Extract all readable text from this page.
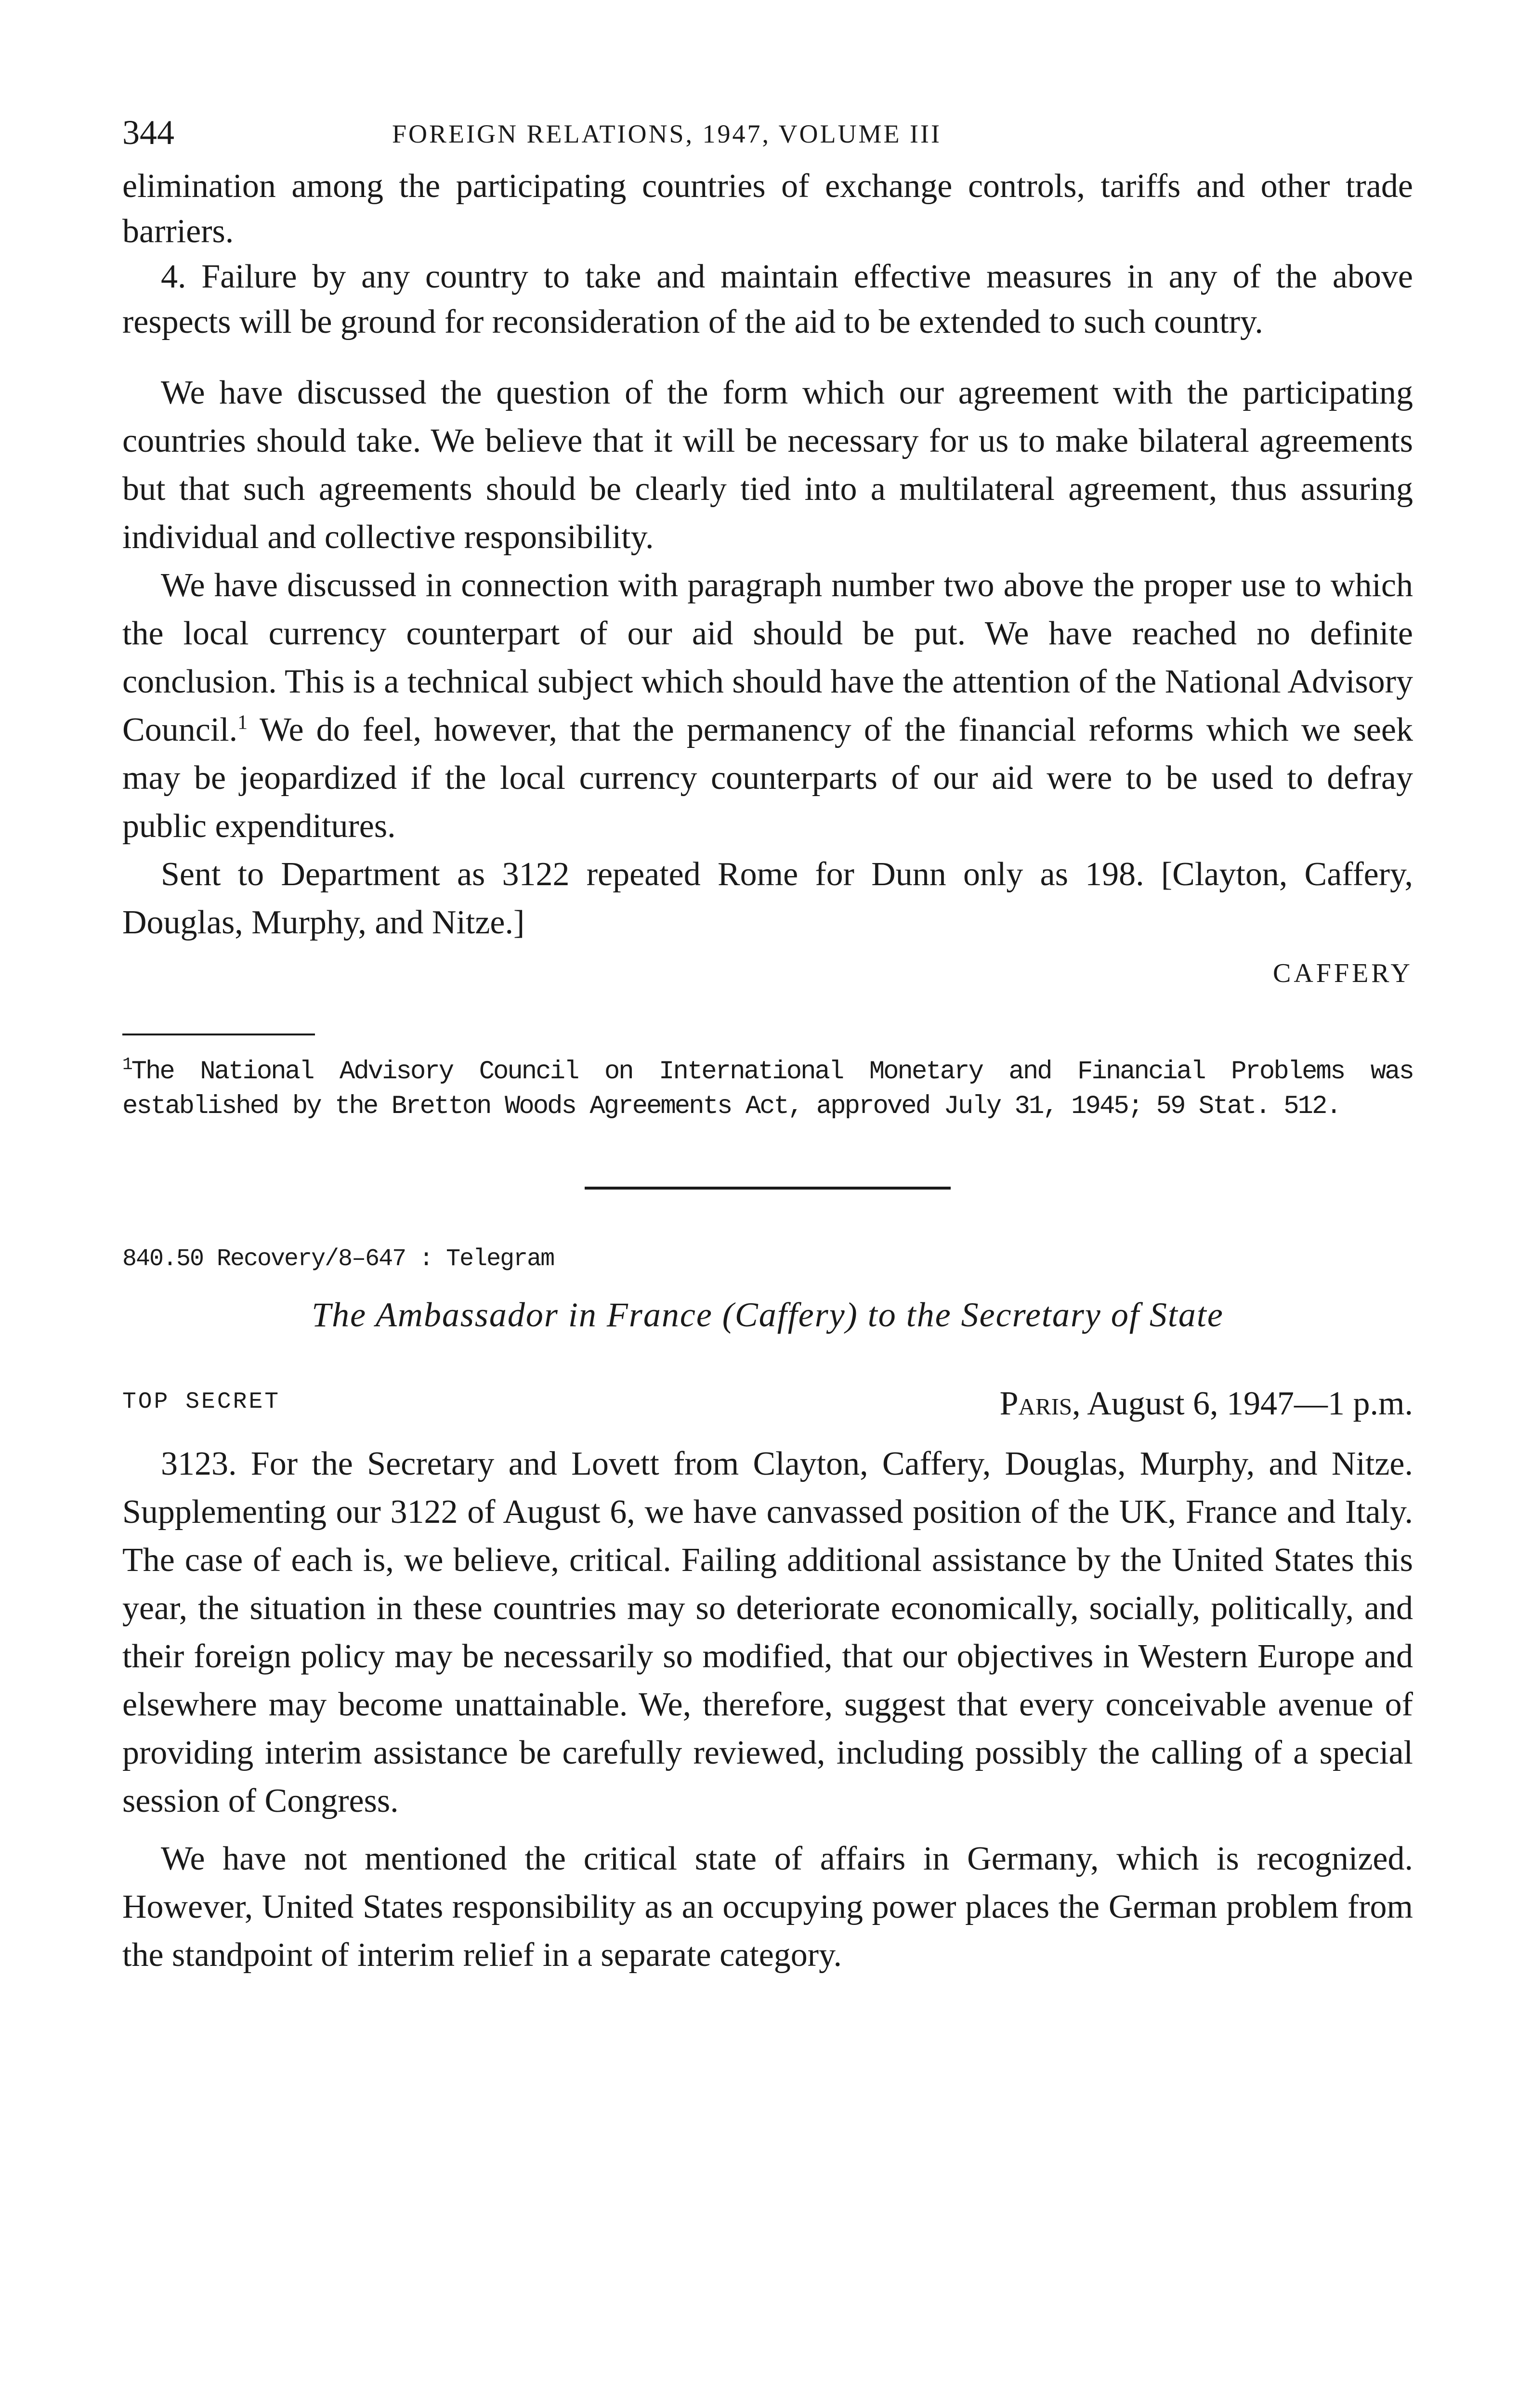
344	FOREIGN RELATIONS, 1947, VOLUME III

elimination among the participating countries of exchange controls, tariffs and other trade barriers.

4. Failure by any country to take and maintain effective measures in any of the above respects will be ground for reconsideration of the aid to be extended to such country.

We have discussed the question of the form which our agreement with the participating countries should take. We believe that it will be necessary for us to make bilateral agreements but that such agreements should be clearly tied into a multilateral agreement, thus assuring individual and collective responsibility.

We have discussed in connection with paragraph number two above the proper use to which the local currency counterpart of our aid should be put. We have reached no definite conclusion. This is a technical subject which should have the attention of the National Advisory Council.$^1$ We do feel, however, that the permanency of the financial reforms which we seek may be jeopardized if the local currency counterparts of our aid were to be used to defray public expenditures.

Sent to Department as 3122 repeated Rome for Dunn only as 198. [Clayton, Caffery, Douglas, Murphy, and Nitze.]

CAFFERY
$^1$The National Advisory Council on International Monetary and Financial Problems was established by the Bretton Woods Agreements Act, approved July 31, 1945; 59 Stat. 512.
840.50 Recovery/8–647 : Telegram
The Ambassador in France (Caffery) to the Secretary of State
TOP SECRET	Paris, August 6, 1947—1 p.m.

3123. For the Secretary and Lovett from Clayton, Caffery, Douglas, Murphy, and Nitze. Supplementing our 3122 of August 6, we have canvassed position of the UK, France and Italy. The case of each is, we believe, critical. Failing additional assistance by the United States this year, the situation in these countries may so deteriorate economically, socially, politically, and their foreign policy may be necessarily so modified, that our objectives in Western Europe and elsewhere may become unattainable. We, therefore, suggest that every conceivable avenue of providing interim assistance be carefully reviewed, including possibly the calling of a special session of Congress.

We have not mentioned the critical state of affairs in Germany, which is recognized. However, United States responsibility as an occupying power places the German problem from the standpoint of interim relief in a separate category.
